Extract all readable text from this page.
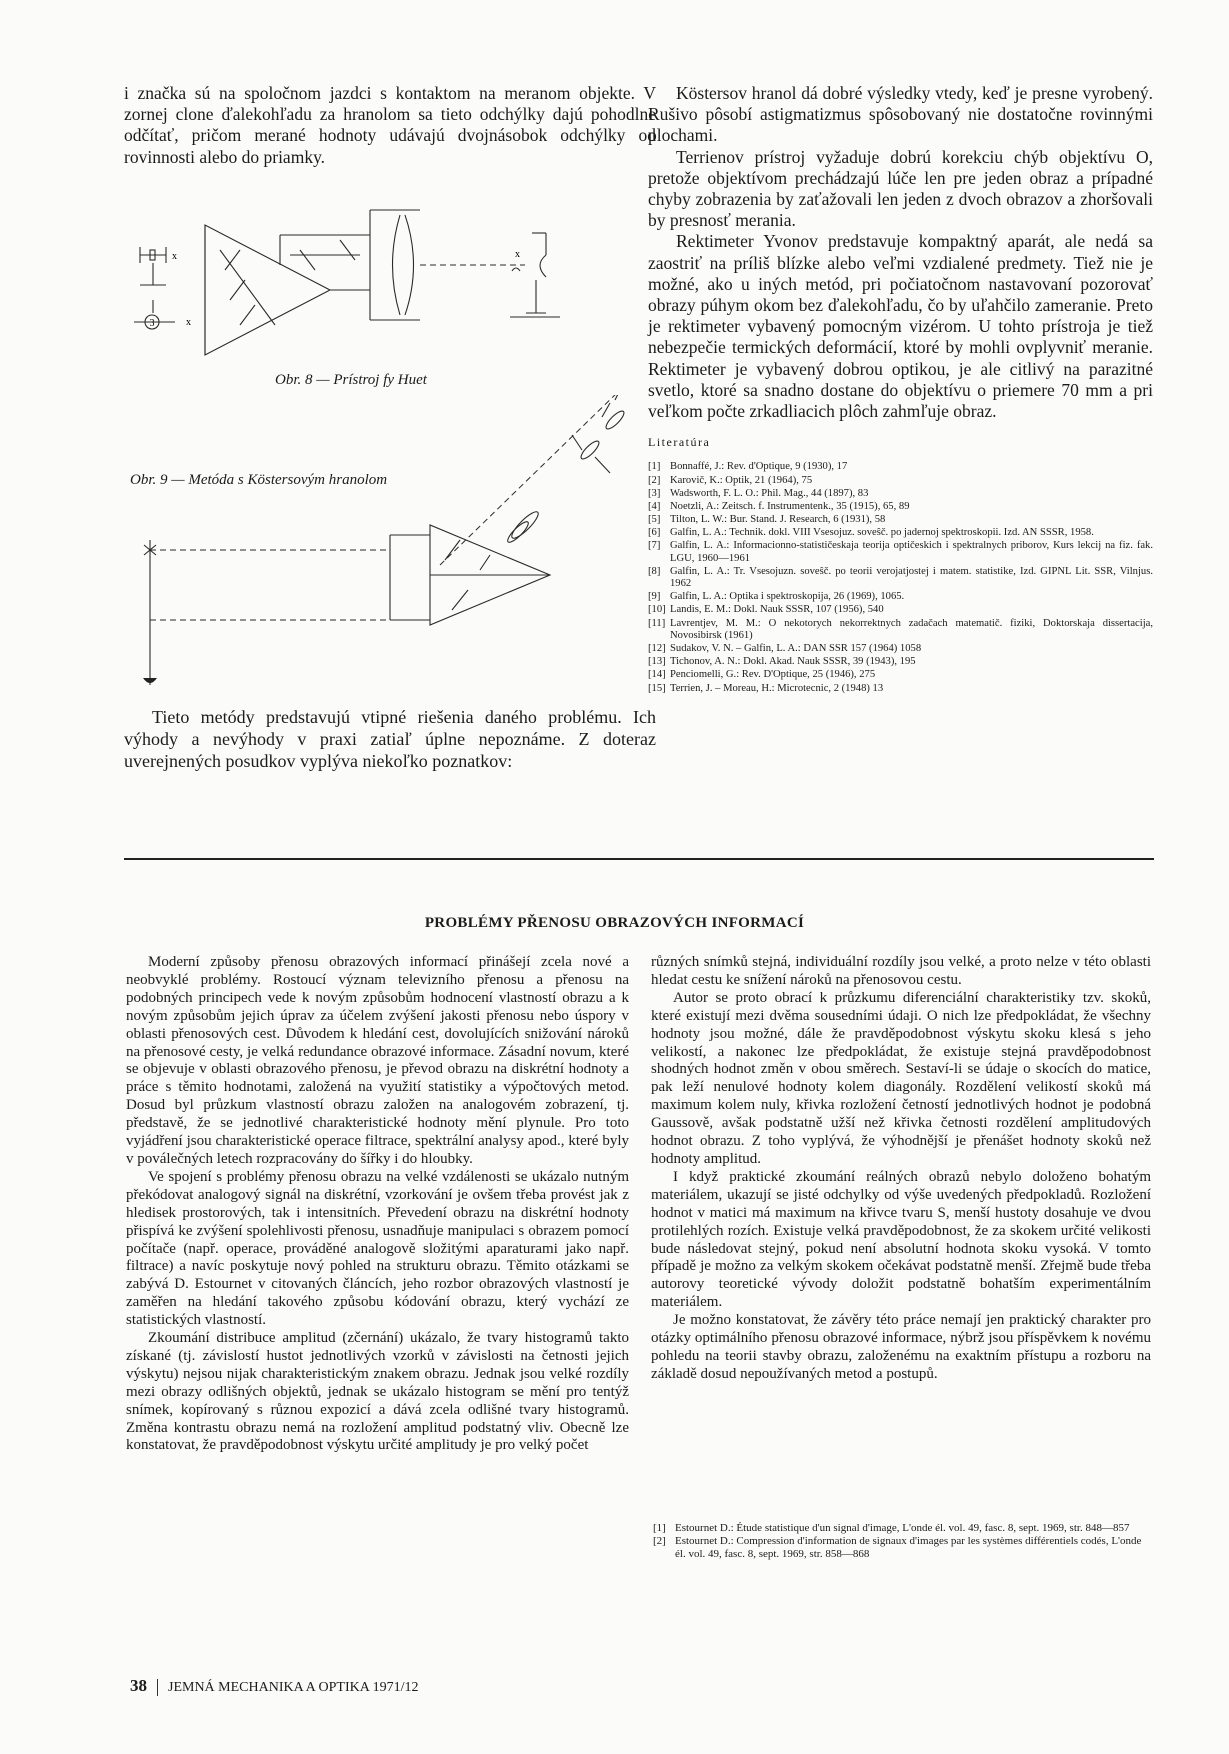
i značka sú na spoločnom jazdci s kontaktom na meranom objekte. V zornej clone ďalekohľadu za hranolom sa tieto odchýlky dajú pohodlne odčítať, pričom merané hodnoty udávajú dvojnásobok odchýlky od rovinnosti alebo do priamky.

3
x
x
x
Obr. 8 — Prístroj fy Huet
Obr. 9 — Metóda s Köstersovým hranolom

Tieto metódy predstavujú vtipné riešenia daného problému. Ich výhody a nevýhody v praxi zatiaľ úplne nepoznáme. Z doteraz uverejnených posudkov vyplýva niekoľko poznatkov:

Köstersov hranol dá dobré výsledky vtedy, keď je presne vyrobený. Rušivo pôsobí astigmatizmus spôsobovaný nie dostatočne rovinnými plochami.

Terrienov prístroj vyžaduje dobrú korekciu chýb objektívu O, pretože objektívom prechádzajú lúče len pre jeden obraz a prípadné chyby zobrazenia by zaťažovali len jeden z dvoch obrazov a zhoršovali by presnosť merania.

Rektimeter Yvonov predstavuje kompaktný aparát, ale nedá sa zaostriť na príliš blízke alebo veľmi vzdialené predmety. Tiež nie je možné, ako u iných metód, pri počiatočnom nastavovaní pozorovať obrazy púhym okom bez ďalekohľadu, čo by uľahčilo zameranie. Preto je rektimeter vybavený pomocným vizérom. U tohto prístroja je tiež nebezpečie termických deformácií, ktoré by mohli ovplyvniť meranie. Rektimeter je vybavený dobrou optikou, je ale citlivý na parazitné svetlo, ktoré sa snadno dostane do objektívu o priemere 70 mm a pri veľkom počte zrkadliacich plôch zahmľuje obraz.

Literatúra
[1] Bonnaffé, J.: Rev. d'Optique, 9 (1930), 17
[2] Karovič, K.: Optik, 21 (1964), 75
[3] Wadsworth, F. L. O.: Phil. Mag., 44 (1897), 83
[4] Noetzli, A.: Zeitsch. f. Instrumentenk., 35 (1915), 65, 89
[5] Tilton, L. W.: Bur. Stand. J. Research, 6 (1931), 58
[6] Galfin, L. A.: Technik. dokl. VIII Vsesojuz. soveŝč. po jadernoj spektroskopii. Izd. AN SSSR, 1958.
[7] Galfin, L. A.: Informacionno-statističeskaja teorija optičeskich i spektralnych priborov, Kurs lekcij na fiz. fak. LGU, 1960—1961
[8] Galfin, L. A.: Tr. Vsesojuzn. soveŝč. po teorii verojatjostej i matem. statistike, Izd. GIPNL Lit. SSR, Vilnjus. 1962
[9] Galfin, L. A.: Optika i spektroskopija, 26 (1969), 1065.
[10] Landis, E. M.: Dokl. Nauk SSSR, 107 (1956), 540
[11] Lavrentjev, M. M.: O nekotorych nekorrektnych zadačach matematič. fiziki, Doktorskaja dissertacija, Novosibirsk (1961)
[12] Sudakov, V. N. – Galfin, L. A.: DAN SSR 157 (1964) 1058
[13] Tichonov, A. N.: Dokl. Akad. Nauk SSSR, 39 (1943), 195
[14] Penciomelli, G.: Rev. D'Optique, 25 (1946), 275
[15] Terrien, J. – Moreau, H.: Microtecnic, 2 (1948) 13
PROBLÉMY PŘENOSU OBRAZOVÝCH INFORMACÍ

Moderní způsoby přenosu obrazových informací přinášejí zcela nové a neobvyklé problémy. Rostoucí význam televizního přenosu a přenosu na podobných principech vede k novým způsobům hodnocení vlastností obrazu a k novým způsobům jejich úprav za účelem zvýšení jakosti přenosu nebo úspory v oblasti přenosových cest. Důvodem k hledání cest, dovolujících snižování nároků na přenosové cesty, je velká redundance obrazové informace. Zásadní novum, které se objevuje v oblasti obrazového přenosu, je převod obrazu na diskrétní hodnoty a práce s těmito hodnotami, založená na využití statistiky a výpočtových metod. Dosud byl průzkum vlastností obrazu založen na analogovém zobrazení, tj. představě, že se jednotlivé charakteristické hodnoty mění plynule. Pro toto vyjádření jsou charakteristické operace filtrace, spektrální analysy apod., které byly v poválečných letech rozpracovány do šířky i do hloubky.

Ve spojení s problémy přenosu obrazu na velké vzdálenosti se ukázalo nutným překódovat analogový signál na diskrétní, vzorkování je ovšem třeba provést jak z hledisek prostorových, tak i intensitních. Převedení obrazu na diskrétní hodnoty přispívá ke zvýšení spolehlivosti přenosu, usnadňuje manipulaci s obrazem pomocí počítače (např. operace, prováděné analogově složitými aparaturami jako např. filtrace) a navíc poskytuje nový pohled na strukturu obrazu. Těmito otázkami se zabývá D. Estournet v citovaných článcích, jeho rozbor obrazových vlastností je zaměřen na hledání takového způsobu kódování obrazu, který vychází ze statistických vlastností.

Zkoumání distribuce amplitud (zčernání) ukázalo, že tvary histogramů takto získané (tj. závislostí hustot jednotlivých vzorků v závislosti na četnosti jejich výskytu) nejsou nijak charakteristickým znakem obrazu. Jednak jsou velké rozdíly mezi obrazy odlišných objektů, jednak se ukázalo histogram se mění pro tentýž snímek, kopírovaný s různou expozicí a dává zcela odlišné tvary histogramů. Změna kontrastu obrazu nemá na rozložení amplitud podstatný vliv. Obecně lze konstatovat, že pravděpodobnost výskytu určité amplitudy je pro velký počet

různých snímků stejná, individuální rozdíly jsou velké, a proto nelze v této oblasti hledat cestu ke snížení nároků na přenosovou cestu.

Autor se proto obrací k průzkumu diferenciální charakteristiky tzv. skoků, které existují mezi dvěma sousedními údaji. O nich lze předpokládat, že všechny hodnoty jsou možné, dále že pravděpodobnost výskytu skoku klesá s jeho velikostí, a nakonec lze předpokládat, že existuje stejná pravděpodobnost shodných hodnot změn v obou směrech. Sestaví-li se údaje o skocích do matice, pak leží nenulové hodnoty kolem diagonály. Rozdělení velikostí skoků má maximum kolem nuly, křivka rozložení četností jednotlivých hodnot je podobná Gaussově, avšak podstatně užší než křivka četnosti rozdělení amplitudových hodnot obrazu. Z toho vyplývá, že výhodnější je přenášet hodnoty skoků než hodnoty amplitud.

I když praktické zkoumání reálných obrazů nebylo doloženo bohatým materiálem, ukazují se jisté odchylky od výše uvedených předpokladů. Rozložení hodnot v matici má maximum na křivce tvaru S, menší hustoty dosahuje ve dvou protilehlých rozích. Existuje velká pravděpodobnost, že za skokem určité velikosti bude následovat stejný, pokud není absolutní hodnota skoku vysoká. V tomto případě je možno za velkým skokem očekávat podstatně menší. Zřejmě bude třeba autorovy teoretické vývody doložit podstatně bohatším experimentálním materiálem.

Je možno konstatovat, že závěry této práce nemají jen praktický charakter pro otázky optimálního přenosu obrazové informace, nýbrž jsou příspěvkem k novému pohledu na teorii stavby obrazu, založenému na exaktním přístupu a rozboru na základě dosud nepoužívaných metod a postupů.

[1] Estournet D.: Étude statistique d'un signal d'image, L'onde él. vol. 49, fasc. 8, sept. 1969, str. 848—857
[2] Estournet D.: Compression d'information de signaux d'images par les systèmes différentiels codés, L'onde él. vol. 49, fasc. 8, sept. 1969, str. 858—868
38 JEMNÁ MECHANIKA A OPTIKA 1971/12
